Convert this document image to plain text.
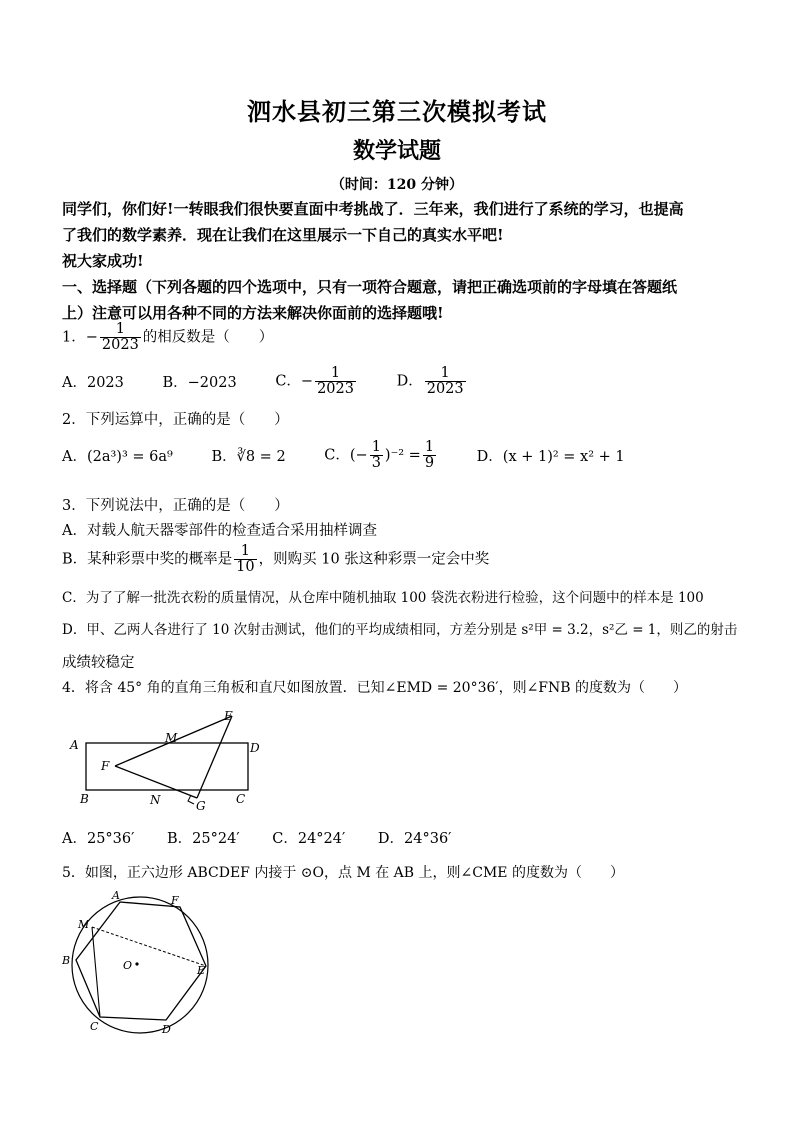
泗水县初三第三次模拟考试
数学试题
（时间：120 分钟）
同学们，你们好!一转眼我们很快要直面中考挑战了．三年来，我们进行了系统的学习，也提高
了我们的数学素养．现在让我们在这里展示一下自己的真实水平吧!
祝大家成功!
一、选择题（下列各题的四个选项中，只有一项符合题意，请把正确选项前的字母填在答题纸
上）注意可以用各种不同的方法来解决你面前的选择题哦!
1．− $\frac{1}{2023}$ 的相反数是（　　）
A．2023	B．−2023	C．− $\frac{1}{2023}$	D． $\frac{1}{2023}$
2．下列运算中，正确的是（　　）
A．(2a³)³ = 6a⁹	B．∛8 = 2	C．(− $\frac{1}{3} )^{-2} = \frac{1}{9}$	D．(x + 1)² = x² + 1
3．下列说法中，正确的是（　　）
A．对载人航天器零部件的检查适合采用抽样调查
B．某种彩票中奖的概率是 $\frac{1}{10}$ ，则购买 10 张这种彩票一定会中奖
C．为了了解一批洗衣粉的质量情况，从仓库中随机抽取 100 袋洗衣粉进行检验，这个问题中的样本是 100
D．甲、乙两人各进行了 10 次射击测试，他们的平均成绩相同，方差分别是 s²甲 = 3.2，s²乙 = 1，则乙的射击
成绩较稳定
4．将含 45° 角的直角三角板和直尺如图放置．已知∠EMD = 20°36′，则∠FNB 的度数为（　　）
A
B	C
D
E
F
G
M
N
A．25°36′ B．25°24′ C．24°24′ D．24°36′
5．如图，正六边形 ABCDEF 内接于 ⊙O，点 M 在 AB 上，则∠CME 的度数为（　　）
A
B
C	D
E
F
M
O
